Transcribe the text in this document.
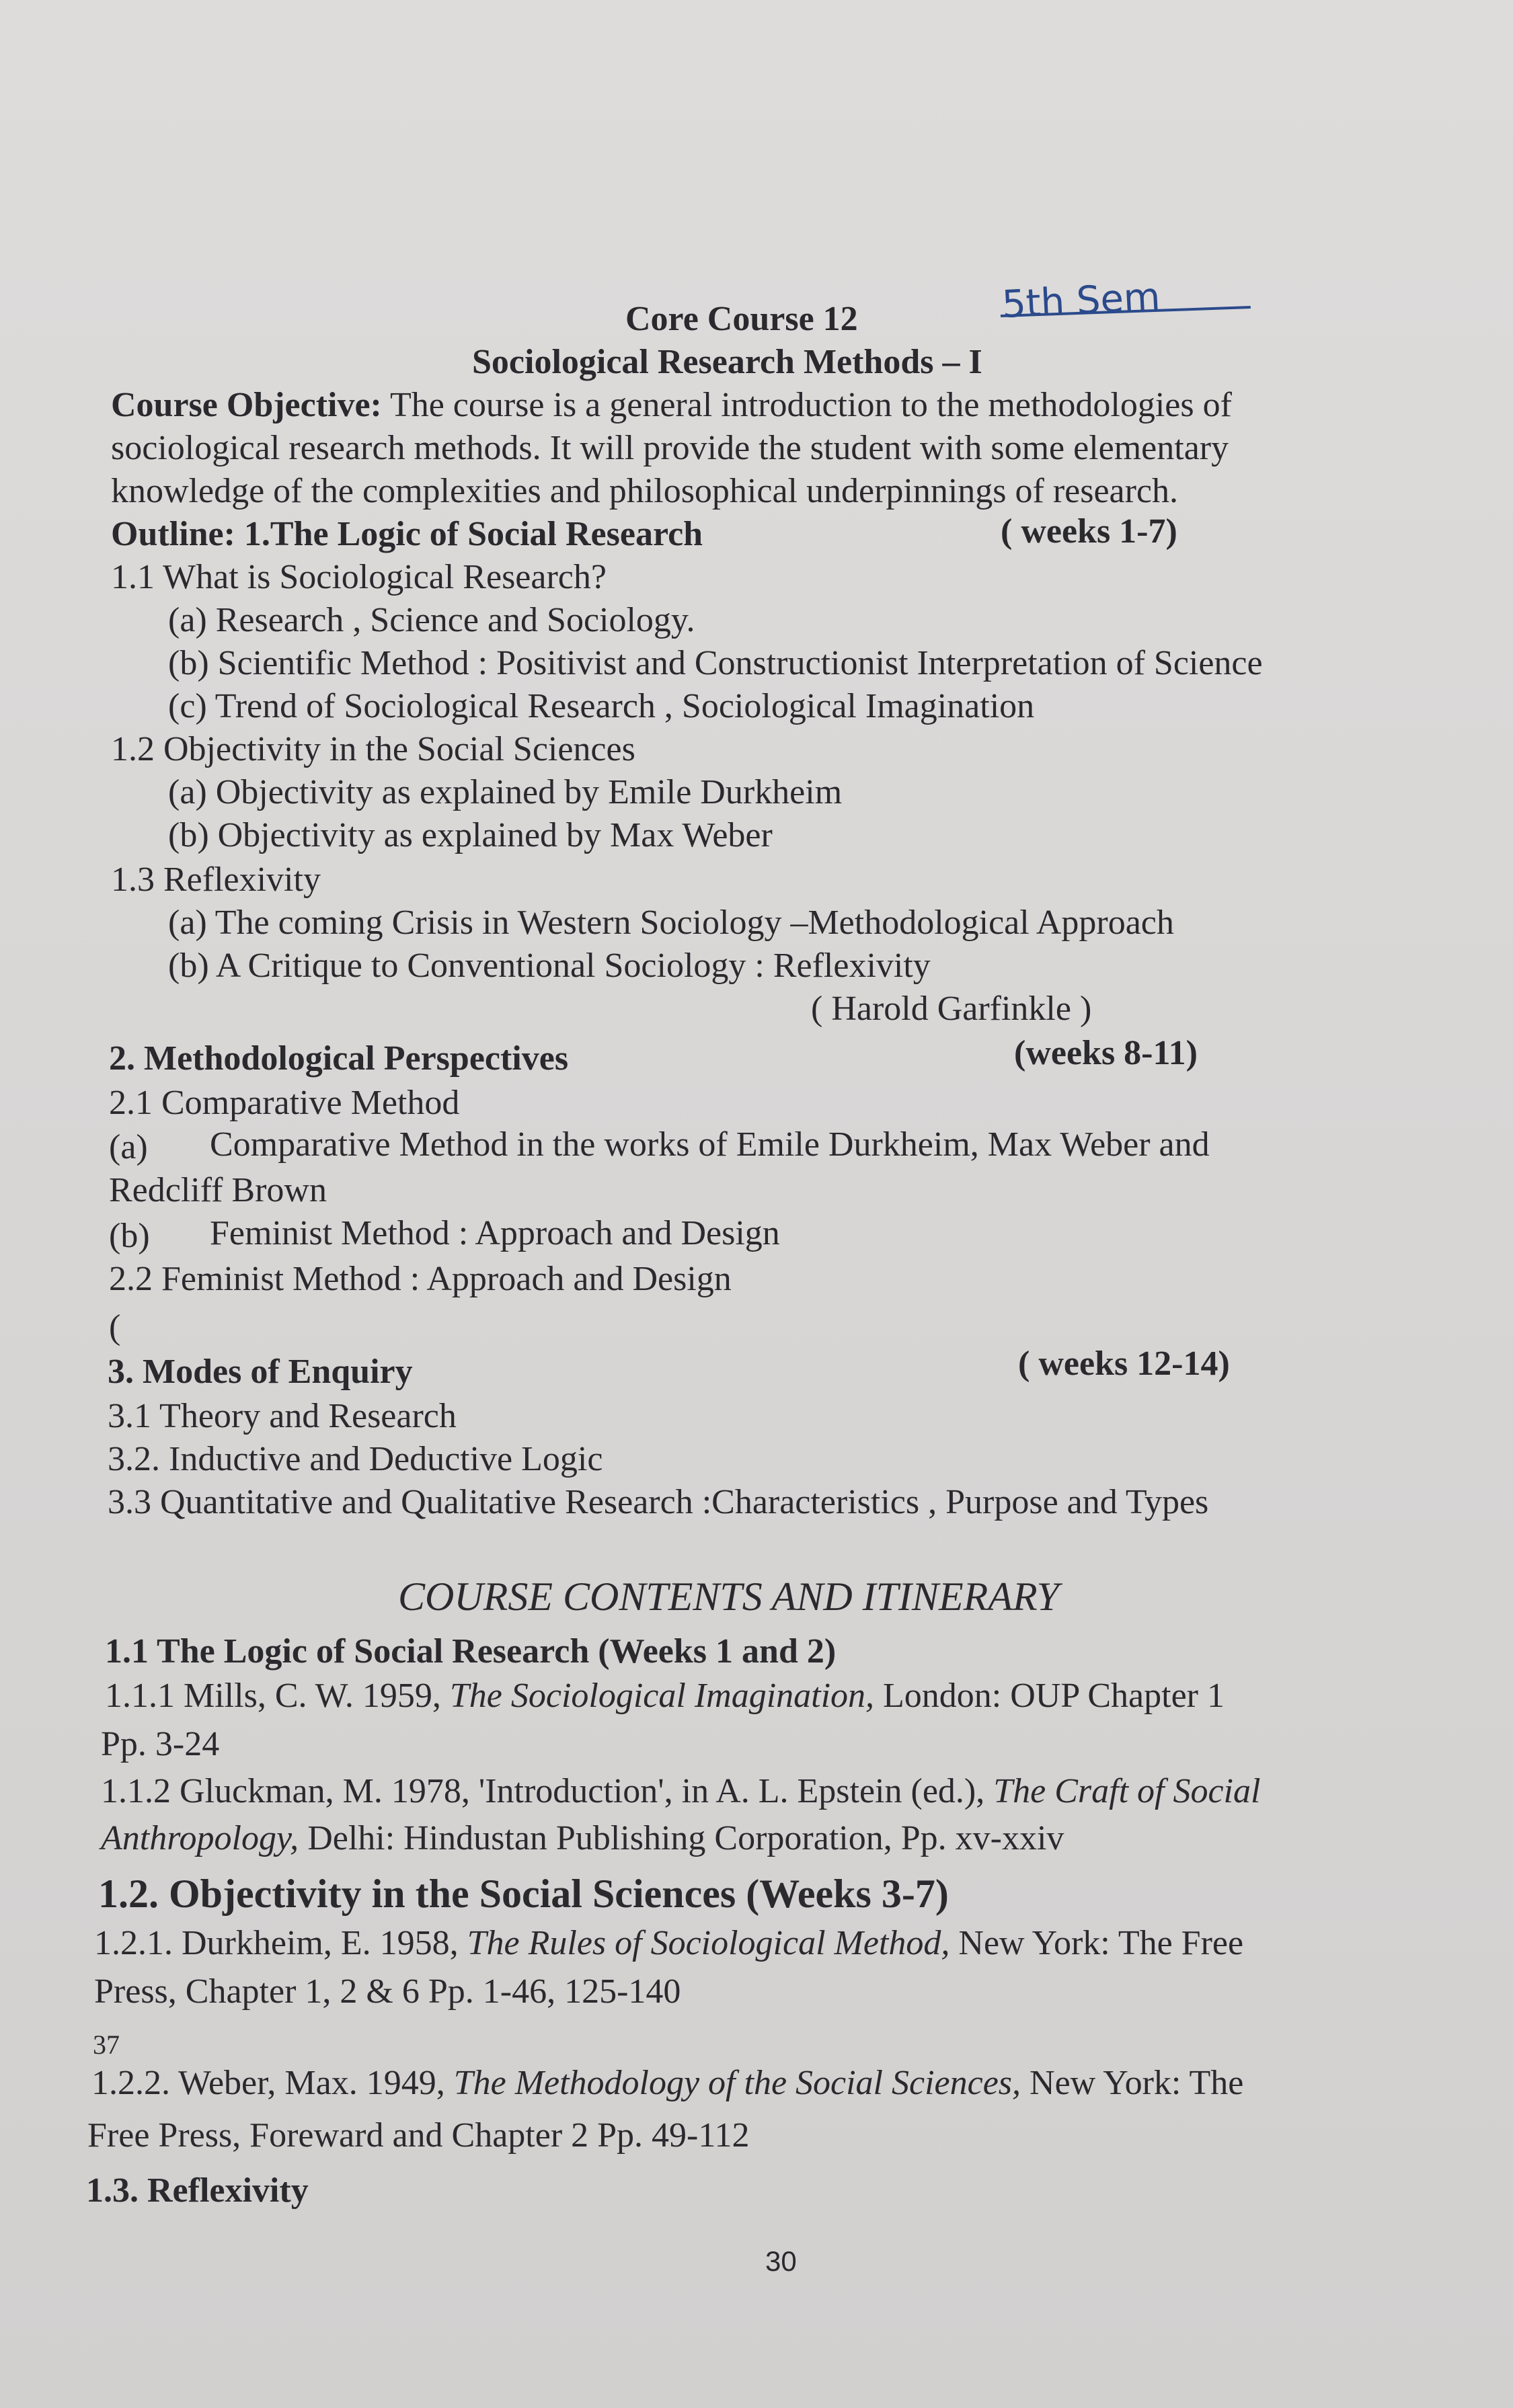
Core Course 12	5th Sem
Sociological Research Methods – I
Course Objective: The course is a general introduction to the methodologies of
sociological research methods. It will provide the student with some elementary
knowledge of the complexities and philosophical underpinnings of research.
Outline: 1.The Logic of Social Research	( weeks 1-7)
1.1 What is Sociological Research?
(a) Research , Science and Sociology.
(b) Scientific Method : Positivist and Constructionist Interpretation of Science
(c) Trend of Sociological Research , Sociological Imagination
1.2 Objectivity in the Social Sciences
(a) Objectivity as explained by Emile Durkheim
(b) Objectivity as explained by Max Weber
1.3 Reflexivity
(a) The coming Crisis in Western Sociology –Methodological Approach
(b) A Critique to Conventional Sociology : Reflexivity
( Harold Garfinkle )
2. Methodological Perspectives	(weeks 8-11)
2.1 Comparative Method
(a) Comparative Method in the works of Emile Durkheim, Max Weber and
Redcliff Brown
(b) Feminist Method : Approach and Design
2.2 Feminist Method : Approach and Design
(
3. Modes of Enquiry	( weeks 12-14)
3.1 Theory and Research
3.2. Inductive and Deductive Logic
3.3 Quantitative and Qualitative Research :Characteristics , Purpose and Types
COURSE CONTENTS AND ITINERARY
1.1 The Logic of Social Research (Weeks 1 and 2)
1.1.1 Mills, C. W. 1959, The Sociological Imagination, London: OUP Chapter 1
Pp. 3-24
1.1.2 Gluckman, M. 1978, 'Introduction', in A. L. Epstein (ed.), The Craft of Social
Anthropology, Delhi: Hindustan Publishing Corporation, Pp. xv-xxiv
1.2. Objectivity in the Social Sciences (Weeks 3-7)
1.2.1. Durkheim, E. 1958, The Rules of Sociological Method, New York: The Free
Press, Chapter 1, 2 & 6 Pp. 1-46, 125-140
37
1.2.2. Weber, Max. 1949, The Methodology of the Social Sciences, New York: The
Free Press, Foreward and Chapter 2 Pp. 49-112
1.3. Reflexivity
30
